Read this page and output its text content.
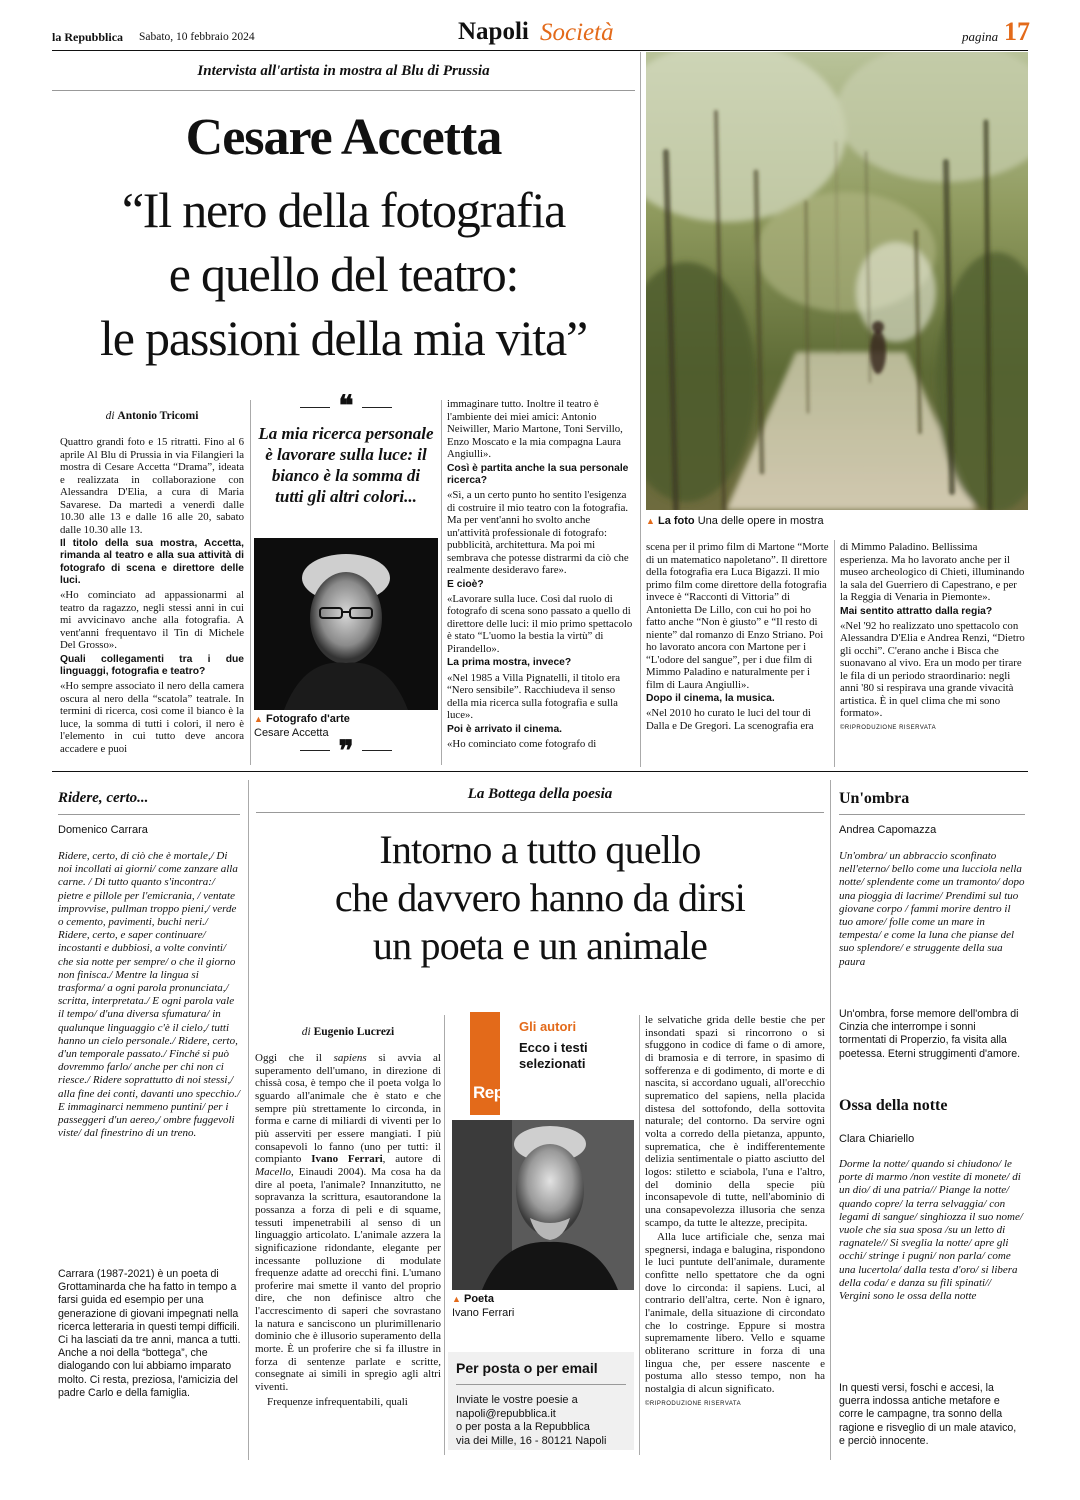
la Repubblica Sabato, 10 febbraio 2024	Napoli Società	pagina 17
Intervista all'artista in mostra al Blu di Prussia
Cesare Accetta
“Il nero della fotografia
e quello del teatro:
le passioni della mia vita”
▲ La foto Una delle opere in mostra
di Antonio Tricomi

Quattro grandi foto e 15 ritratti. Fino al 6 aprile Al Blu di Prussia in via Filangieri la mostra di Cesare Accetta “Drama”, ideata e realizzata in collaborazione con Alessandra D'Elia, a cura di Maria Savarese. Da martedì a venerdì dalle 10.30 alle 13 e dalle 16 alle 20, sabato dalle 10.30 alle 13.

Il titolo della sua mostra, Accetta, rimanda al teatro e alla sua attività di fotografo di scena e direttore delle luci.

«Ho cominciato ad appassionarmi al teatro da ragazzo, negli stessi anni in cui mi avvicinavo anche alla fotografia. A vent'anni frequentavo il Tin di Michele Del Grosso».

Quali collegamenti tra i due linguaggi, fotografia e teatro?

«Ho sempre associato il nero della camera oscura al nero della “scatola” teatrale. In termini di ricerca, così come il bianco è la luce, la somma di tutti i colori, il nero è l'elemento in cui tutto deve ancora accadere e puoi

❝
La mia ricerca personale è lavorare sulla luce: il bianco è la somma di tutti gli altri colori...
▲ Fotografo d'arte
Cesare Accetta
❞

immaginare tutto. Inoltre il teatro è l'ambiente dei miei amici: Antonio Neiwiller, Mario Martone, Toni Servillo, Enzo Moscato e la mia compagna Laura Angiulli».

Così è partita anche la sua personale ricerca?

«Sì, a un certo punto ho sentito l'esigenza di costruire il mio teatro con la fotografia. Ma per vent'anni ho svolto anche un'attività professionale di fotografo: pubblicità, architettura. Ma poi mi sembrava che potesse distrarmi da ciò che realmente desideravo fare».

E cioè?

«Lavorare sulla luce. Così dal ruolo di fotografo di scena sono passato a quello di direttore delle luci: il mio primo spettacolo è stato “L'uomo la bestia la virtù” di Pirandello».

La prima mostra, invece?

«Nel 1985 a Villa Pignatelli, il titolo era “Nero sensibile”. Racchiudeva il senso della mia ricerca sulla fotografia e sulla luce».

Poi è arrivato il cinema.

«Ho cominciato come fotografo di

scena per il primo film di Martone “Morte di un matematico napoletano”. Il direttore della fotografia era Luca Bigazzi. Il mio primo film come direttore della fotografia invece è “Racconti di Vittoria” di Antonietta De Lillo, con cui ho poi ho fatto anche “Non è giusto” e “Il resto di niente” dal romanzo di Enzo Striano. Poi ho lavorato ancora con Martone per i “L'odore del sangue”, per i due film di Mimmo Paladino e naturalmente per i film di Laura Angiulli».

Dopo il cinema, la musica.

«Nel 2010 ho curato le luci del tour di Dalla e De Gregori. La scenografia era

di Mimmo Paladino. Bellissima esperienza. Ma ho lavorato anche per il museo archeologico di Chieti, illuminando la sala del Guerriero di Capestrano, e per la Reggia di Venaria in Piemonte».

Mai sentito attratto dalla regia?

«Nel '92 ho realizzato uno spettacolo con Alessandra D'Elia e Andrea Renzi, “Dietro gli occhi”. C'erano anche i Bisca che suonavano al vivo. Era un modo per tirare le fila di un periodo straordinario: negli anni '80 si respirava una grande vivacità artistica. È in quel clima che mi sono formato».

©RIPRODUZIONE RISERVATA

Ridere, certo...
Domenico Carrara
Ridere, certo, di ciò che è mortale,/ Di noi incollati ai giorni/ come zanzare alla carne. / Di tutto quanto s'incontra:/ pietre e pillole per l'emicrania, / ventate improvvise, pullman troppo pieni,/ verde o cemento, pavimenti, buchi neri./ Ridere, certo, e saper continuare/ incostanti e dubbiosi, a volte convinti/ che sia notte per sempre/ o che il giorno non finisca./ Mentre la lingua si trasforma/ a ogni parola pronunciata,/ scritta, interpretata./ E ogni parola vale il tempo/ d'una diversa sfumatura/ in qualunque linguaggio c'è il cielo,/ tutti hanno un cielo personale./ Ridere, certo, d'un temporale passato./ Finché si può dovremmo farlo/ anche per chi non ci riesce./ Ridere soprattutto di noi stessi,/ alla fine dei conti, davanti uno specchio./ E immaginarci nemmeno puntini/ per i passeggeri d'un aereo,/ ombre fuggevoli viste/ dal finestrino di un treno.
Carrara (1987-2021) è un poeta di Grottaminarda che ha fatto in tempo a farsi guida ed esempio per una generazione di giovani impegnati nella ricerca letteraria in questi tempi difficili. Ci ha lasciati da tre anni, manca a tutti. Anche a noi della “bottega”, che dialogando con lui abbiamo imparato molto. Ci resta, preziosa, l'amicizia del padre Carlo e della famiglia.
La Bottega della poesia
Intorno a tutto quello
che davvero hanno da dirsi
un poeta e un animale
di Eugenio Lucrezi

Oggi che il sapiens si avvia al superamento dell'umano, in direzione di chissà cosa, è tempo che il poeta volga lo sguardo all'animale che è stato e che sempre più strettamente lo circonda, in forma e carne di miliardi di viventi per lo più asserviti per essere mangiati. I più consapevoli lo fanno (uno per tutti: il compianto Ivano Ferrari, autore di Macello, Einaudi 2004). Ma cosa ha da dire al poeta, l'animale? Innanzitutto, ne sopravanza la scrittura, esautorandone la possanza a forza di peli e di squame, tessuti impenetrabili al senso di un linguaggio articolato. L'animale azzera la significazione ridondante, elegante per incessante polluzione di modulate frequenze adatte ad orecchi fini. L'umano proferire mai smette il vanto del proprio dire, che non definisce altro che l'accrescimento di saperi che sovrastano la natura e sanciscono un plurimillenario dominio che è illusorio superamento della morte. È un proferire che si fa illustre in forza di sentenze parlate e scritte, consegnate ai simili in spregio agli altri viventi.

Frequenze infrequentabili, quali

Rep
Gli autori
Ecco i testi selezionati
▲ Poeta
Ivano Ferrari
Per posta o per email
Inviate le vostre poesie a
napoli@repubblica.it
o per posta a la Repubblica
via dei Mille, 16 - 80121 Napoli

le selvatiche grida delle bestie che per insondati spazi si rincorrono o si sfuggono in codice di fame o di amore, di bramosia e di terrore, in spasimo di sofferenza e di godimento, di morte e di nascita, si accordano uguali, all'orecchio suprematico del sapiens, nella placida distesa del sottofondo, della sottovita naturale; del contorno. Da servire ogni volta a corredo della pietanza, appunto, suprematica, che è indifferentemente delizia sentimentale o piatto asciutto del logos: stiletto e sciabola, l'una e l'altro, del dominio della specie più inconsapevole di tutte, nell'abominio di una consapevolezza illusoria che senza scampo, da tutte le altezze, precipita.

Alla luce artificiale che, senza mai spegnersi, indaga e balugina, rispondono le luci puntute dell'animale, duramente confitte nello spettatore che da ogni dove lo circonda: il sapiens. Luci, al contrario dell'altra, certe. Non è ignaro, l'animale, della situazione di circondato che lo costringe. Eppure si mostra supremamente libero. Vello e squame obliterano scritture in forza di una lingua che, per essere nascente e postuma allo stesso tempo, non ha nostalgia di alcun significato.

©RIPRODUZIONE RISERVATA

Un'ombra
Andrea Capomazza
Un'ombra/ un abbraccio sconfinato nell'eterno/ bello come una lucciola nella notte/ splendente come un tramonto/ dopo una pioggia di lacrime/ Prendimi sul tuo giovane corpo / fammi morire dentro il tuo amore/ folle come un mare in tempesta/ e come la luna che pianse del suo splendore/ e struggente della sua paura
Un'ombra, forse memore dell'ombra di Cinzia che interrompe i sonni tormentati di Properzio, fa visita alla poetessa. Eterni struggimenti d'amore.
Ossa della notte
Clara Chiariello
Dorme la notte/ quando si chiudono/ le porte di marmo /non vestite di monete/ di un dio/ di una patria// Piange la notte/ quando copre/ la terra selvaggia/ con legami di sangue/ singhiozza il suo nome/ vuole che sia sua sposa /su un letto di ragnatele// Si sveglia la notte/ apre gli occhi/ stringe i pugni/ non parla/ come una lucertola/ dalla testa d'oro/ si libera della coda/ e danza su fili spinati// Vergini sono le ossa della notte
In questi versi, foschi e accesi, la guerra indossa antiche metafore e corre le campagne, tra sonno della ragione e risveglio di un male atavico, e perciò innocente.
